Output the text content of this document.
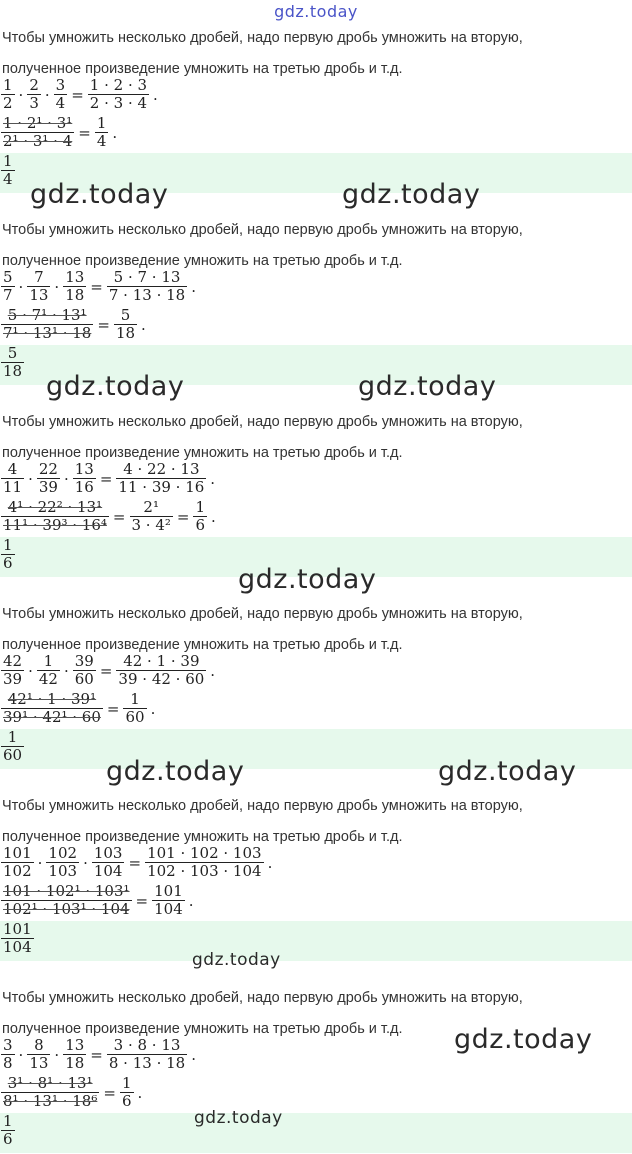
gdz.today
Чтобы умножить несколько дробей, надо первую дробь умножить на вторую,
полученное произведение умножить на третью дробь и т.д.
$\frac{1}{2} \cdot \frac{2}{3} \cdot \frac{3}{4} = \frac{1 \cdot 2 \cdot 3}{2 \cdot 3 \cdot 4}$ .
$\frac{\text{1 · 2¹ · 3¹}}{\text{2¹ · 3¹ · 4}} = \frac{1}{4}$ .
$\frac{1}{4}$
Чтобы умножить несколько дробей, надо первую дробь умножить на вторую,
полученное произведение умножить на третью дробь и т.д.
$\frac{5}{7} \cdot \frac{7}{13} \cdot \frac{13}{18} = \frac{5 \cdot 7 \cdot 13}{7 \cdot 13 \cdot 18}$ .
$\frac{\text{5 · 7¹ · 13¹}}{\text{7¹ · 13¹ · 18}} = \frac{5}{18}$ .
$\frac{5}{18}$
Чтобы умножить несколько дробей, надо первую дробь умножить на вторую,
полученное произведение умножить на третью дробь и т.д.
$\frac{4}{11} \cdot \frac{22}{39} \cdot \frac{13}{16} = \frac{4 \cdot 22 \cdot 13}{11 \cdot 39 \cdot 16}$ .
$\frac{\text{4¹ · 22² · 13¹}}{\text{11¹ · 39³ · 16⁴}} = \frac{\text{2¹}}{\text{3 · 4²}} = \frac{1}{6}$ .
$\frac{1}{6}$
Чтобы умножить несколько дробей, надо первую дробь умножить на вторую,
полученное произведение умножить на третью дробь и т.д.
$\frac{42}{39} \cdot \frac{1}{42} \cdot \frac{39}{60} = \frac{42 \cdot 1 \cdot 39}{39 \cdot 42 \cdot 60}$ .
$\frac{\text{42¹ · 1 · 39¹}}{\text{39¹ · 42¹ · 60}} = \frac{1}{60}$ .
$\frac{1}{60}$
Чтобы умножить несколько дробей, надо первую дробь умножить на вторую,
полученное произведение умножить на третью дробь и т.д.
$\frac{101}{102} \cdot \frac{102}{103} \cdot \frac{103}{104} = \frac{101 \cdot 102 \cdot 103}{102 \cdot 103 \cdot 104}$ .
$\frac{\text{101 · 102¹ · 103¹}}{\text{102¹ · 103¹ · 104}} = \frac{101}{104}$ .
$\frac{101}{104}$
Чтобы умножить несколько дробей, надо первую дробь умножить на вторую,
полученное произведение умножить на третью дробь и т.д.
$\frac{3}{8} \cdot \frac{8}{13} \cdot \frac{13}{18} = \frac{3 \cdot 8 \cdot 13}{8 \cdot 13 \cdot 18}$ .
$\frac{\text{3¹ · 8¹ · 13¹}}{\text{8¹ · 13¹ · 18⁶}} = \frac{1}{6}$ .
$\frac{1}{6}$
gdz.today	gdz.today
gdz.today	gdz.today
gdz.today
gdz.today	gdz.today
gdz.today
gdz.today
gdz.today
